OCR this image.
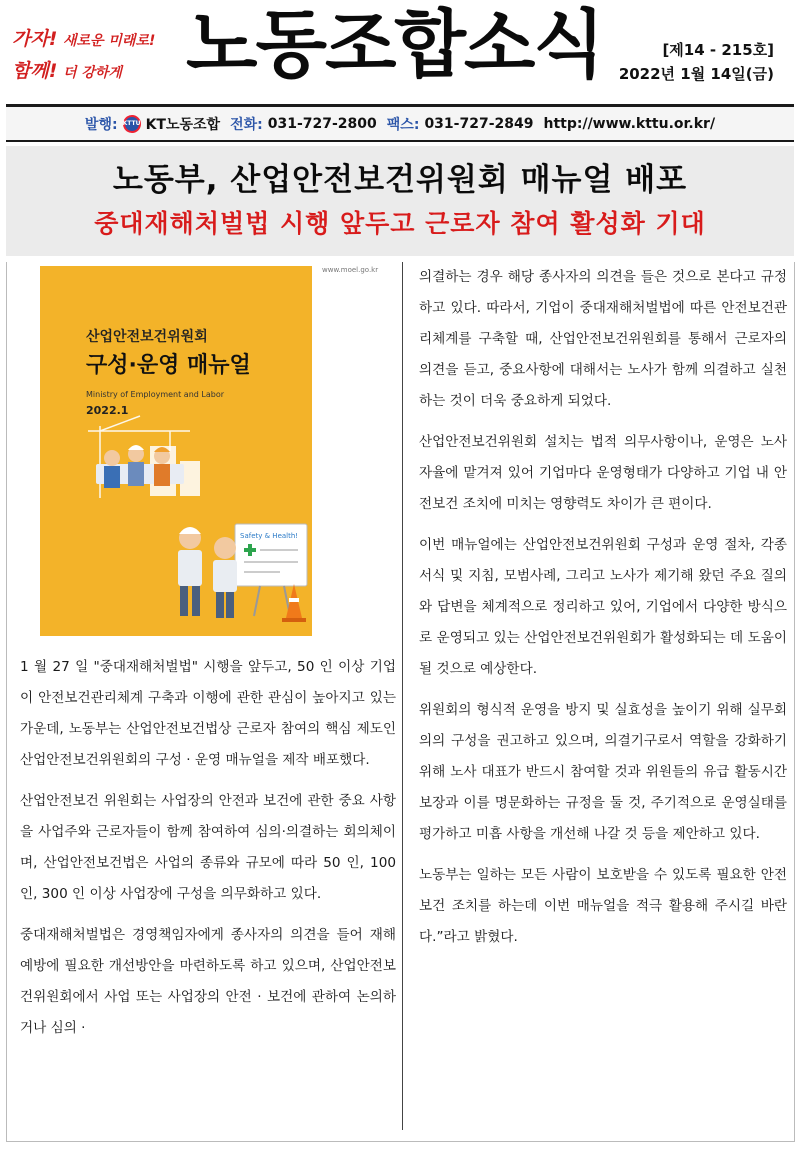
가자! 새로운 미래로!
함께! 더 강하게 노동조합소식	[제14 - 215호]
2022년 1월 14일(금)
발행: KTTU KT노동조합 전화: 031-727-2800 팩스: 031-727-2849 http://www.kttu.or.kr/
노동부, 산업안전보건위원회 매뉴얼 배포
중대재해처벌법 시행 앞두고 근로자 참여 활성화 기대
Safety & Health!
산업안전보건위원회
구성·운영 매뉴얼
Ministry of Employment and Labor
2022.1
www.moel.go.kr

1 월 27 일 "중대재해처벌법" 시행을 앞두고, 50 인 이상 기업이 안전보건관리체계 구축과 이행에 관한 관심이 높아지고 있는 가운데, 노동부는 산업안전보건법상 근로자 참여의 핵심 제도인 산업안전보건위원회의 구성 · 운영 매뉴얼을 제작 배포했다.

산업안전보건 위원회는 사업장의 안전과 보건에 관한 중요 사항을 사업주와 근로자들이 함께 참여하여 심의·의결하는 회의체이며, 산업안전보건법은 사업의 종류와 규모에 따라 50 인, 100 인, 300 인 이상 사업장에 구성을 의무화하고 있다.

중대재해처벌법은 경영책임자에게 종사자의 의견을 들어 재해예방에 필요한 개선방안을 마련하도록 하고 있으며, 산업안전보건위원회에서 사업 또는 사업장의 안전 · 보건에 관하여 논의하거나 심의 ·

의결하는 경우 해당 종사자의 의견을 들은 것으로 본다고 규정하고 있다. 따라서, 기업이 중대재해처벌법에 따른 안전보건관리체계를 구축할 때, 산업안전보건위원회를 통해서 근로자의 의견을 듣고, 중요사항에 대해서는 노사가 함께 의결하고 실천하는 것이 더욱 중요하게 되었다.

산업안전보건위원회 설치는 법적 의무사항이나, 운영은 노사 자율에 맡겨져 있어 기업마다 운영형태가 다양하고 기업 내 안전보건 조치에 미치는 영향력도 차이가 큰 편이다.

이번 매뉴얼에는 산업안전보건위원회 구성과 운영 절차, 각종 서식 및 지침, 모범사례, 그리고 노사가 제기해 왔던 주요 질의와 답변을 체계적으로 정리하고 있어, 기업에서 다양한 방식으로 운영되고 있는 산업안전보건위원회가 활성화되는 데 도움이 될 것으로 예상한다.

위원회의 형식적 운영을 방지 및 실효성을 높이기 위해 실무회의의 구성을 권고하고 있으며, 의결기구로서 역할을 강화하기 위해 노사 대표가 반드시 참여할 것과 위원들의 유급 활동시간 보장과 이를 명문화하는 규정을 둘 것, 주기적으로 운영실태를 평가하고 미흡 사항을 개선해 나갈 것 등을 제안하고 있다.

노동부는 일하는 모든 사람이 보호받을 수 있도록 필요한 안전보건 조치를 하는데 이번 매뉴얼을 적극 활용해 주시길 바란다.”라고 밝혔다.
